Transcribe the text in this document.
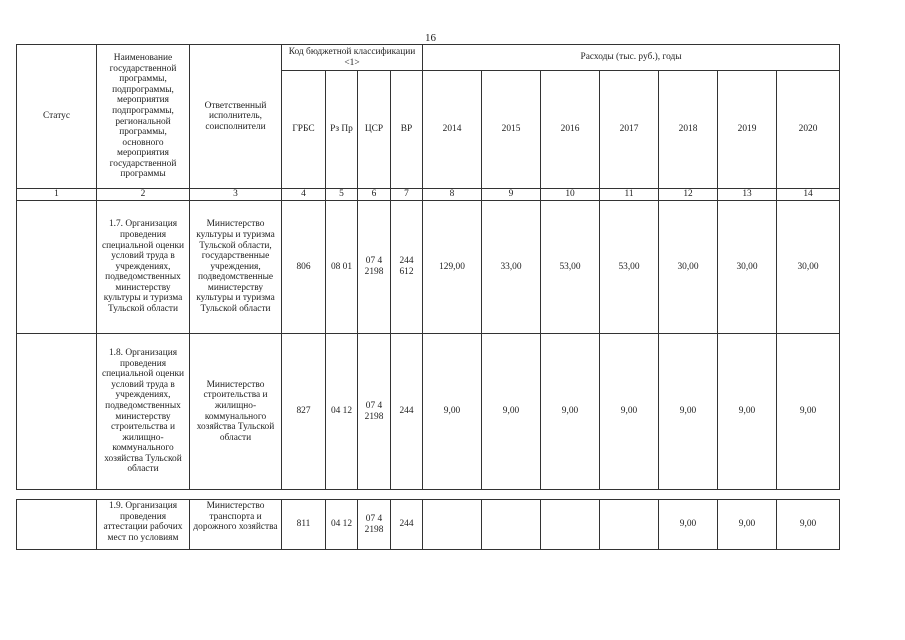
16
Статус	Наименование государственной программы, подпрограммы, мероприятия подпрограммы, региональной программы, основного мероприятия государственной программы	Ответственный исполнитель, соисполнители	Код бюджетной классификации <1>				Расходы (тыс. руб.), годы						
			ГРБС	Рз Пр	ЦСР	ВР	2014	2015	2016	2017	2018	2019	2020
1	2	3	4	5	6	7	8	9	10	11	12	13	14
	1.7. Организация проведения специальной оценки условий труда в учреждениях, подведомственных министерству культуры и туризма Тульской области	Министерство культуры и туризма Тульской области, государственные учреждения, подведомственные министерству культуры и туризма Тульской области	806	08 01	07 4 2198	244 612	129,00	33,00	53,00	53,00	30,00	30,00	30,00
	1.8. Организация проведения специальной оценки условий труда в учреждениях, подведомственных министерству строительства и жилищно-коммунального хозяйства Тульской области	Министерство строительства и жилищно-коммунального хозяйства Тульской области	827	04 12	07 4 2198	244	9,00	9,00	9,00	9,00	9,00	9,00	9,00

	1.9. Организация проведения аттестации рабочих мест по условиям	Министерство транспорта и дорожного хозяйства	811	04 12	07 4 2198	244					9,00	9,00	9,00
